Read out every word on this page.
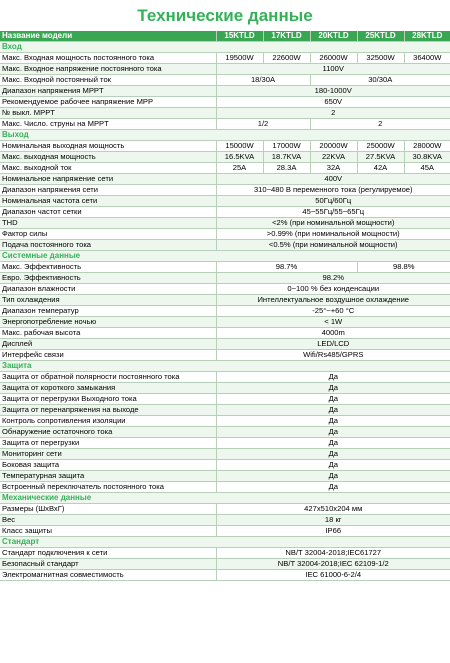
Технические данные
Название модели	15KTLD	17KTLD	20KTLD	25KTLD	28KTLD
Вход					
Макс. Входная мощность постоянного тока	19500W	22600W	26000W	32500W	36400W
Макс. Входное напряжение постоянного тока	1100V				
Макс. Входной постоянный ток	18/30A		30/30A		
Диапазон напряжения MPPT	180-1000V				
Рекомендуемое рабочее напряжение MPP	650V				
№ выкл. MPPT	2				
Макс. Число. струны на MPPT	1/2		2		
Выход					
Номинальная выходная мощность	15000W	17000W	20000W	25000W	28000W
Макс. выходная мощность	16.5KVA	18.7KVA	22KVA	27.5KVA	30.8KVA
Макс. выходной ток	25A	28.3A	32A	42A	45A
Номинальное напряжение сети	400V				
Диапазон напряжения сети	310~480 В переменного тока (регулируемое)				
Номинальная частота сети	50Гц/60Гц				
Диапазон частот сетки	45~55Гц/55~65Гц				
THD	<2% (при номинальной мощности)				
Фактор силы	>0.99% (при номинальной мощности)				
Подача постоянного тока	<0.5% (при номинальной мощности)				
Системные данные					
Макс. Эффективность	98.7%			98.8%	
Евро. Эффективность	98.2%				
Диапазон влажности	0~100 % без конденсации				
Тип охлаждения	Интеллектуальное воздушное охлаждение				
Диапазон температур	-25°~+60 °C				
Энергопотребление ночью	< 1W				
Макс. рабочая высота	4000m				
Дисплей	LED/LCD				
Интерфейс связи	Wifi/Rs485/GPRS				
Защита					
Защита от обратной полярности постоянного тока	Да				
Защита от короткого замыкания	Да				
Защита от перегрузки Выходного тока	Да				
Защита от перенапряжения на выходе	Да				
Контроль сопротивления изоляции	Да				
Обнаружение остаточного тока	Да				
Защита от перегрузки	Да				
Мониторинг сети	Да				
Боковая защита	Да				
Температурная защита	Да				
Встроенный переключатель постоянного тока	Да				
Механические данные					
Размеры (ШхВхГ)	427x510x204 мм				
Вес	18 кг				
Класс защиты	IP66				
Стандарт					
Стандарт подключения к сети	NB/T 32004-2018;IEC61727				
Безопасный стандарт	NB/T 32004-2018;IEC 62109-1/2				
Электромагнитная совместимость	IEC 61000-6-2/4				
